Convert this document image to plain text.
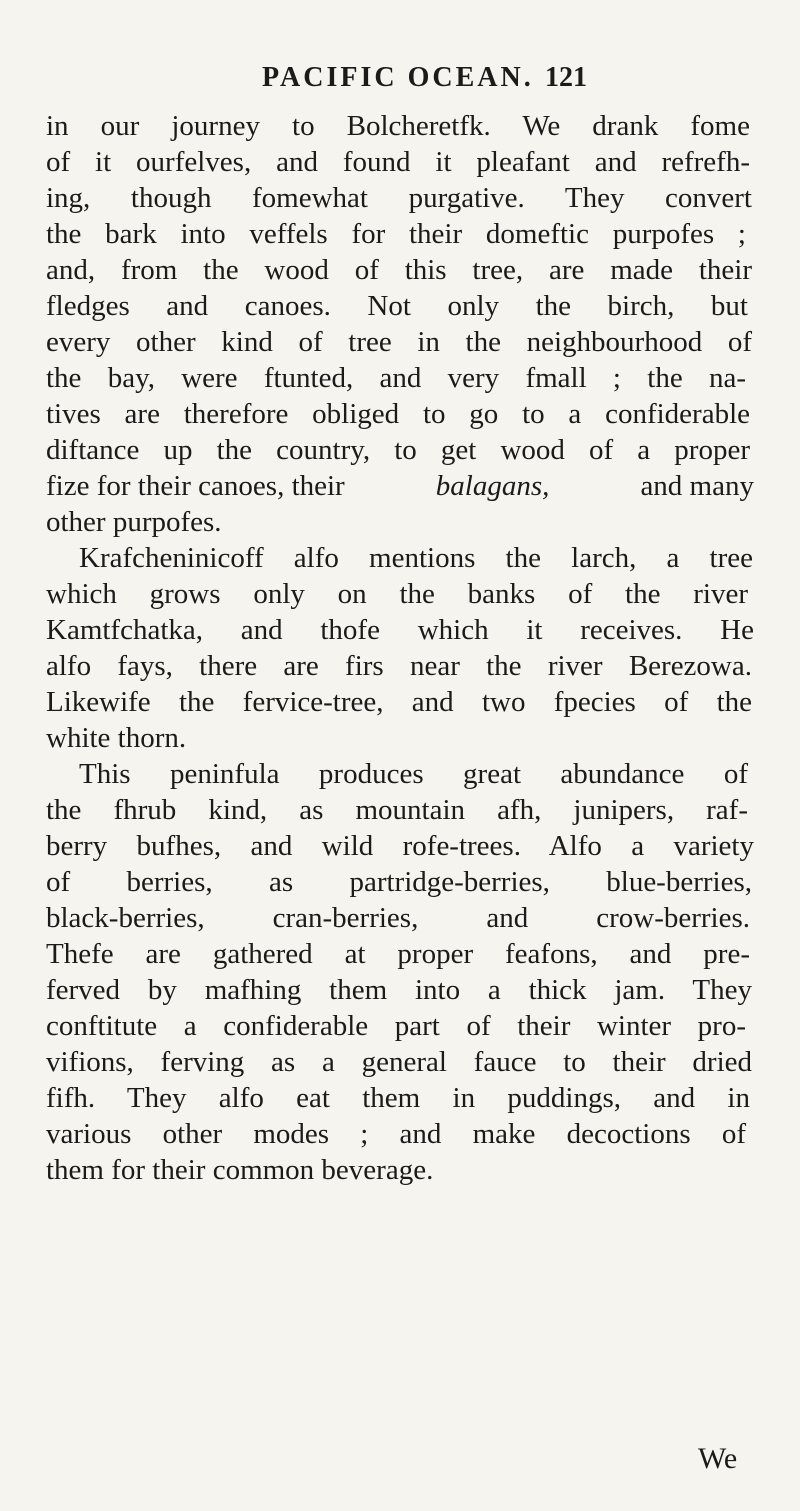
PACIFIC OCEAN. 121
in our journey to Bolcheretfk. We drank fome
of it ourfelves, and found it pleafant and refrefh-
ing, though fomewhat purgative. They convert
the bark into veffels for their domeftic purpofes ;
and, from the wood of this tree, are made their
fledges and canoes. Not only the birch, but
every other kind of tree in the neighbourhood of
the bay, were ftunted, and very fmall ; the na-
tives are therefore obliged to go to a confiderable
diftance up the country, to get wood of a proper
fize for their canoes, their	balagans,	and many
other purpofes.
Krafcheninicoff alfo mentions the larch, a tree
which grows only on the banks of the river
Kamtfchatka, and thofe which it receives. He
alfo fays, there are firs near the river Berezowa.
Likewife the fervice-tree, and two fpecies of the
white thorn.
This peninfula produces great abundance of
the fhrub kind, as mountain afh, junipers, raf-
berry bufhes, and wild rofe-trees. Alfo a variety
of berries, as partridge-berries, blue-berries,
black-berries, cran-berries, and crow-berries.
Thefe are gathered at proper feafons, and pre-
ferved by mafhing them into a thick jam. They
conftitute a confiderable part of their winter pro-
vifions, ferving as a general fauce to their dried
fifh. They alfo eat them in puddings, and in
various other modes ; and make decoctions of
them for their common beverage.
We
